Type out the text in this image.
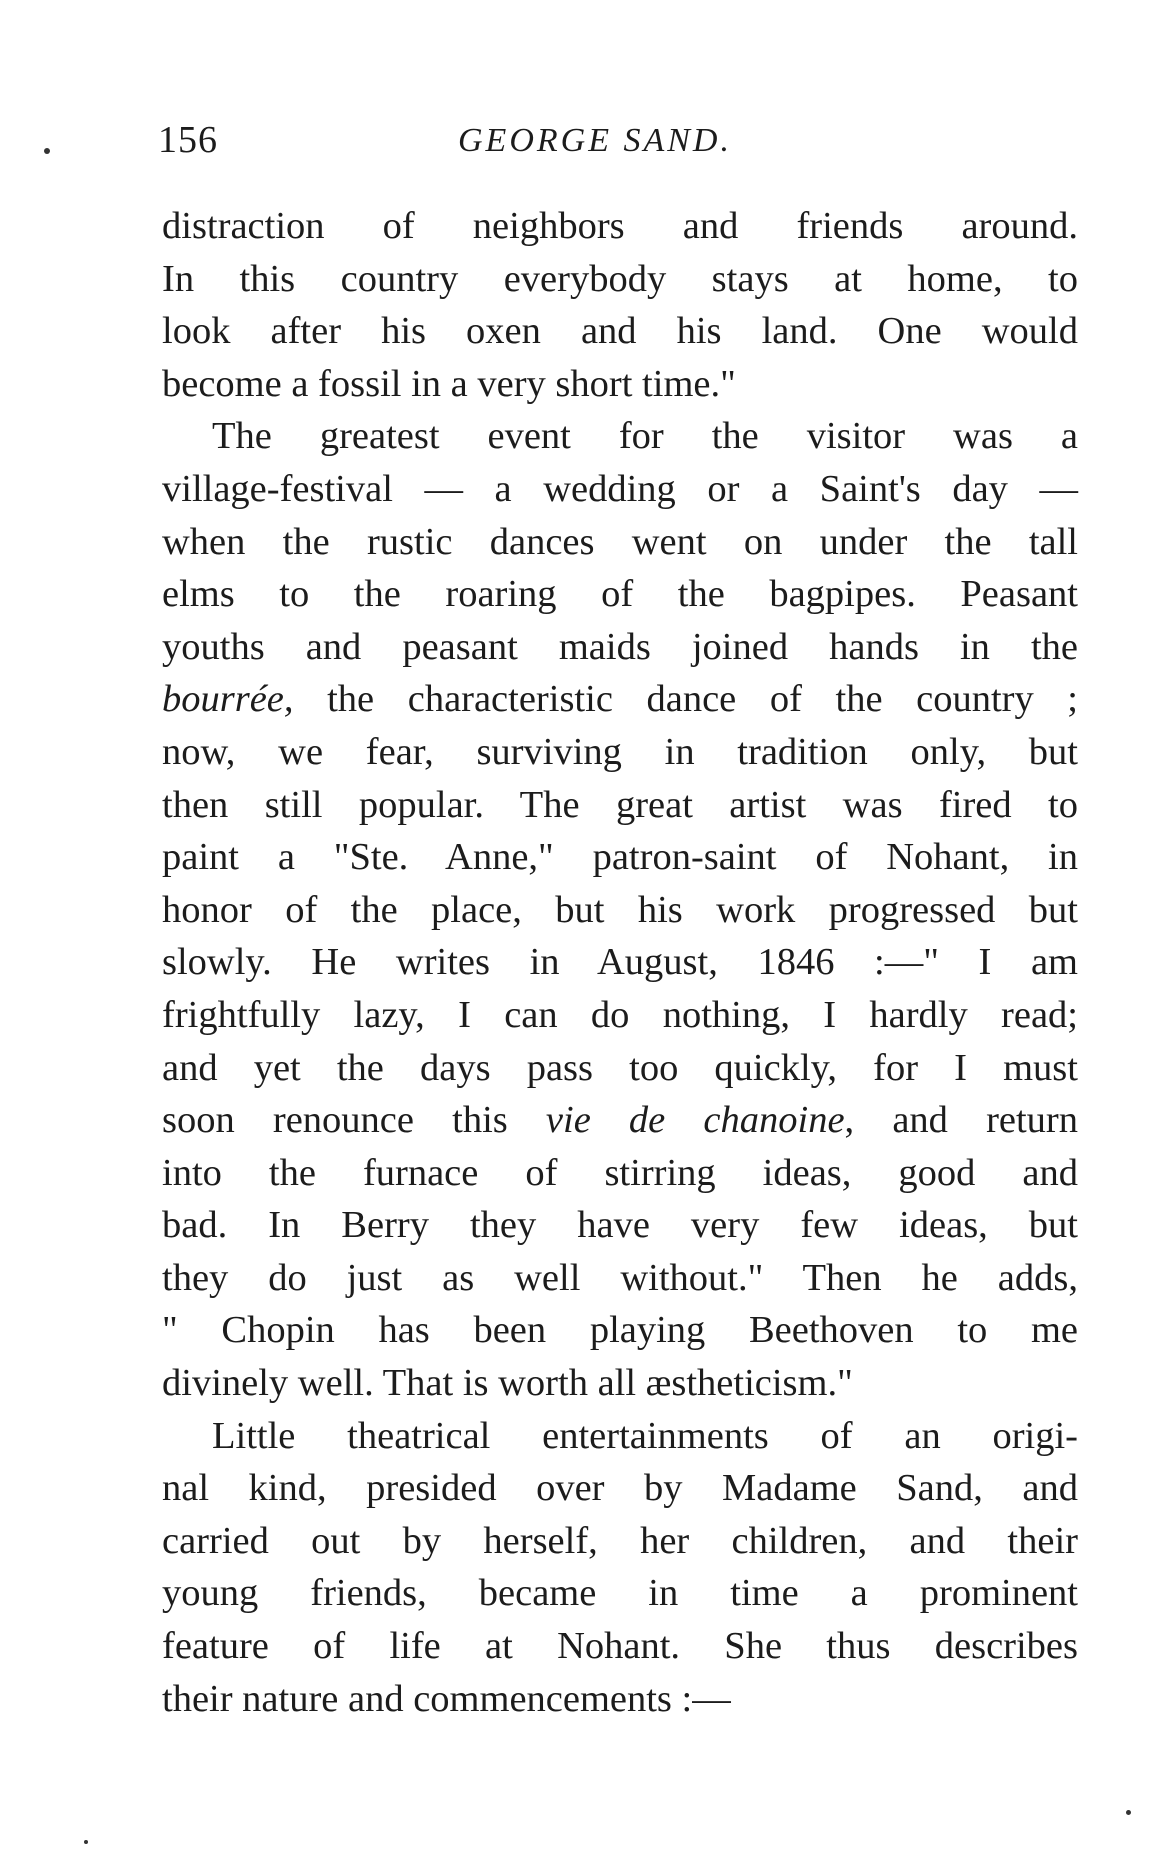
156	GEORGE SAND.
distraction of neighbors and friends around.
In this country everybody stays at home, to
look after his oxen and his land. One would
become a fossil in a very short time."
The greatest event for the visitor was a
village-festival — a wedding or a Saint's day —
when the rustic dances went on under the tall
elms to the roaring of the bagpipes. Peasant
youths and peasant maids joined hands in the
bourrée, the characteristic dance of the country ;
now, we fear, surviving in tradition only, but
then still popular. The great artist was fired to
paint a "Ste. Anne," patron-saint of Nohant, in
honor of the place, but his work progressed but
slowly. He writes in August, 1846 :—" I am
frightfully lazy, I can do nothing, I hardly read;
and yet the days pass too quickly, for I must
soon renounce this vie de chanoine, and return
into the furnace of stirring ideas, good and
bad. In Berry they have very few ideas, but
they do just as well without." Then he adds,
" Chopin has been playing Beethoven to me
divinely well. That is worth all æstheticism."
Little theatrical entertainments of an origi-
nal kind, presided over by Madame Sand, and
carried out by herself, her children, and their
young friends, became in time a prominent
feature of life at Nohant. She thus describes
their nature and commencements :—
